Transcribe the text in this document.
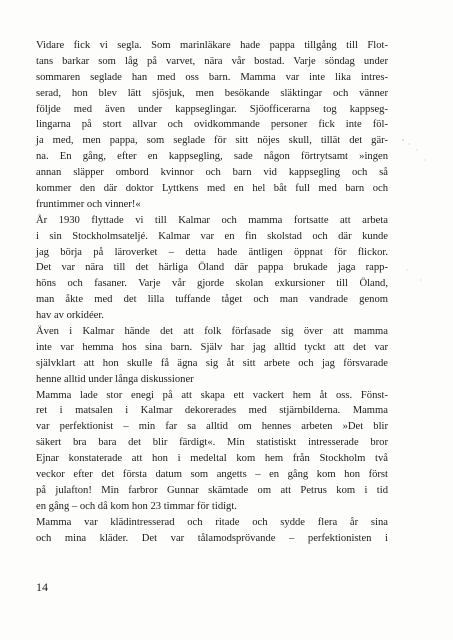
Vidare fick vi segla. Som marinläkare hade pappa tillgång till Flot-
tans barkar som låg på varvet, nära vår bostad. Varje söndag under
sommaren seglade han med oss barn. Mamma var inte lika intres-
serad, hon blev lätt sjösjuk, men besökande släktingar och vänner
följde med även under kappseglingar. Sjöofficerarna tog kappseg-
lingarna på stort allvar och ovidkommande personer fick inte föl-
ja med, men pappa, som seglade för sitt nöjes skull, tillät det gär-
na. En gång, efter en kappsegling, sade någon förtrytsamt »ingen
annan släpper ombord kvinnor och barn vid kappsegling och så
kommer den där doktor Lyttkens med en hel båt full med barn och
fruntimmer och vinner!«
År 1930 flyttade vi till Kalmar och mamma fortsatte att arbeta
i sin Stockholmsateljé. Kalmar var en fin skolstad och där kunde
jag börja på läroverket – detta hade äntligen öppnat för flickor.
Det var nära till det härliga Öland där pappa brukade jaga rapp-
höns och fasaner. Varje vår gjorde skolan exkursioner till Öland,
man åkte med det lilla tuffande tåget och man vandrade genom
hav av orkidéer.
Även i Kalmar hände det att folk förfasade sig över att mamma
inte var hemma hos sina barn. Själv har jag alltid tyckt att det var
självklart att hon skulle få ägna sig åt sitt arbete och jag försvarade
henne alltid under långa diskussioner
Mamma lade stor enegi på att skapa ett vackert hem åt oss. Fönst-
ret i matsalen i Kalmar dekorerades med stjärnbilderna. Mamma
var perfektionist – min far sa alltid om hennes arbeten »Det blir
säkert bra bara det blir färdigt«. Min statistiskt intresserade bror
Ejnar konstaterade att hon i medeltal kom hem från Stockholm två
veckor efter det första datum som angetts – en gång kom hon först
på julafton! Min farbror Gunnar skämtade om att Petrus kom i tid
en gång – och då kom hon 23 timmar för tidigt.
Mamma var klädintresserad och ritade och sydde flera år sina
och mina kläder. Det var tålamodsprövande – perfektionisten i
14
